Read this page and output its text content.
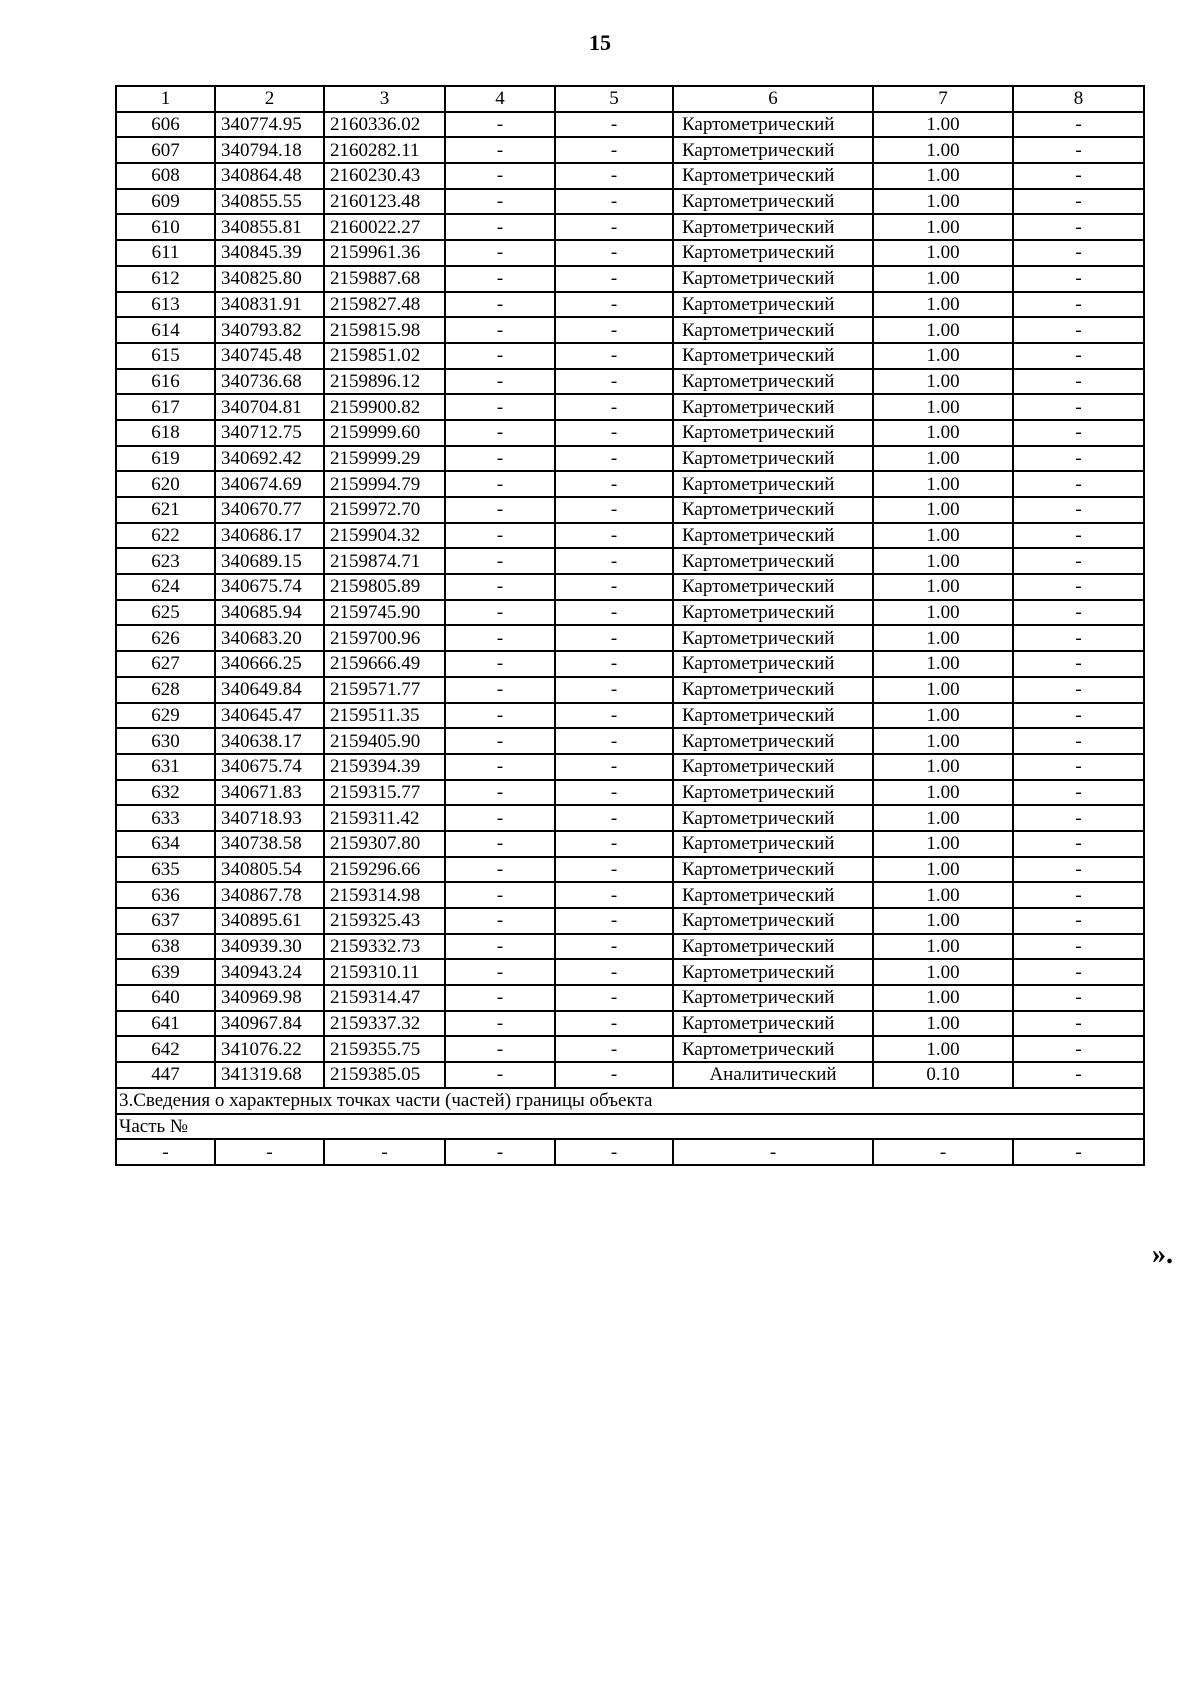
15
1	2	3	4	5	6	7	8
606	340774.95	2160336.02	-	-	Картометрический	1.00	-
607	340794.18	2160282.11	-	-	Картометрический	1.00	-
608	340864.48	2160230.43	-	-	Картометрический	1.00	-
609	340855.55	2160123.48	-	-	Картометрический	1.00	-
610	340855.81	2160022.27	-	-	Картометрический	1.00	-
611	340845.39	2159961.36	-	-	Картометрический	1.00	-
612	340825.80	2159887.68	-	-	Картометрический	1.00	-
613	340831.91	2159827.48	-	-	Картометрический	1.00	-
614	340793.82	2159815.98	-	-	Картометрический	1.00	-
615	340745.48	2159851.02	-	-	Картометрический	1.00	-
616	340736.68	2159896.12	-	-	Картометрический	1.00	-
617	340704.81	2159900.82	-	-	Картометрический	1.00	-
618	340712.75	2159999.60	-	-	Картометрический	1.00	-
619	340692.42	2159999.29	-	-	Картометрический	1.00	-
620	340674.69	2159994.79	-	-	Картометрический	1.00	-
621	340670.77	2159972.70	-	-	Картометрический	1.00	-
622	340686.17	2159904.32	-	-	Картометрический	1.00	-
623	340689.15	2159874.71	-	-	Картометрический	1.00	-
624	340675.74	2159805.89	-	-	Картометрический	1.00	-
625	340685.94	2159745.90	-	-	Картометрический	1.00	-
626	340683.20	2159700.96	-	-	Картометрический	1.00	-
627	340666.25	2159666.49	-	-	Картометрический	1.00	-
628	340649.84	2159571.77	-	-	Картометрический	1.00	-
629	340645.47	2159511.35	-	-	Картометрический	1.00	-
630	340638.17	2159405.90	-	-	Картометрический	1.00	-
631	340675.74	2159394.39	-	-	Картометрический	1.00	-
632	340671.83	2159315.77	-	-	Картометрический	1.00	-
633	340718.93	2159311.42	-	-	Картометрический	1.00	-
634	340738.58	2159307.80	-	-	Картометрический	1.00	-
635	340805.54	2159296.66	-	-	Картометрический	1.00	-
636	340867.78	2159314.98	-	-	Картометрический	1.00	-
637	340895.61	2159325.43	-	-	Картометрический	1.00	-
638	340939.30	2159332.73	-	-	Картометрический	1.00	-
639	340943.24	2159310.11	-	-	Картометрический	1.00	-
640	340969.98	2159314.47	-	-	Картометрический	1.00	-
641	340967.84	2159337.32	-	-	Картометрический	1.00	-
642	341076.22	2159355.75	-	-	Картометрический	1.00	-
447	341319.68	2159385.05	-	-	Аналитический	0.10	-
3.Сведения о характерных точках части (частей) границы объекта							
Часть №							
-	-	-	-	-	-	-	-
».
